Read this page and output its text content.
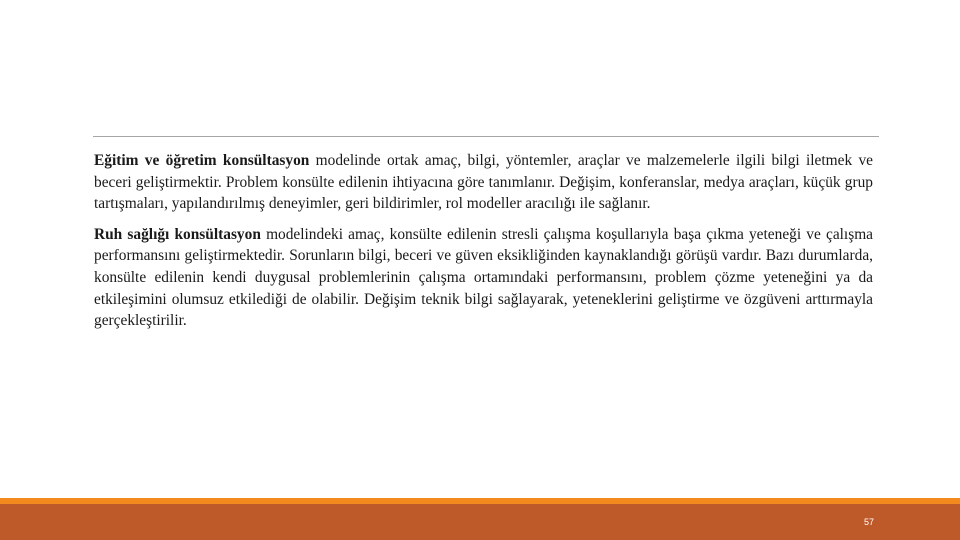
Eğitim ve öğretim konsültasyon modelinde ortak amaç, bilgi, yöntemler, araçlar ve malzemelerle ilgili bilgi iletmek ve beceri geliştirmektir. Problem konsülte edilenin ihtiyacına göre tanımlanır. Değişim, konferanslar, medya araçları, küçük grup tartışmaları, yapılandırılmış deneyimler, geri bildirimler, rol modeller aracılığı ile sağlanır.

Ruh sağlığı konsültasyon modelindeki amaç, konsülte edilenin stresli çalışma koşullarıyla başa çıkma yeteneği ve çalışma performansını geliştirmektedir. Sorunların bilgi, beceri ve güven eksikliğinden kaynaklandığı görüşü vardır. Bazı durumlarda, konsülte edilenin kendi duygusal problemlerinin çalışma ortamındaki performansını, problem çözme yeteneğini ya da etkileşimini olumsuz etkilediği de olabilir. Değişim teknik bilgi sağlayarak, yeteneklerini geliştirme ve özgüveni arttırmayla gerçekleştirilir.

57
